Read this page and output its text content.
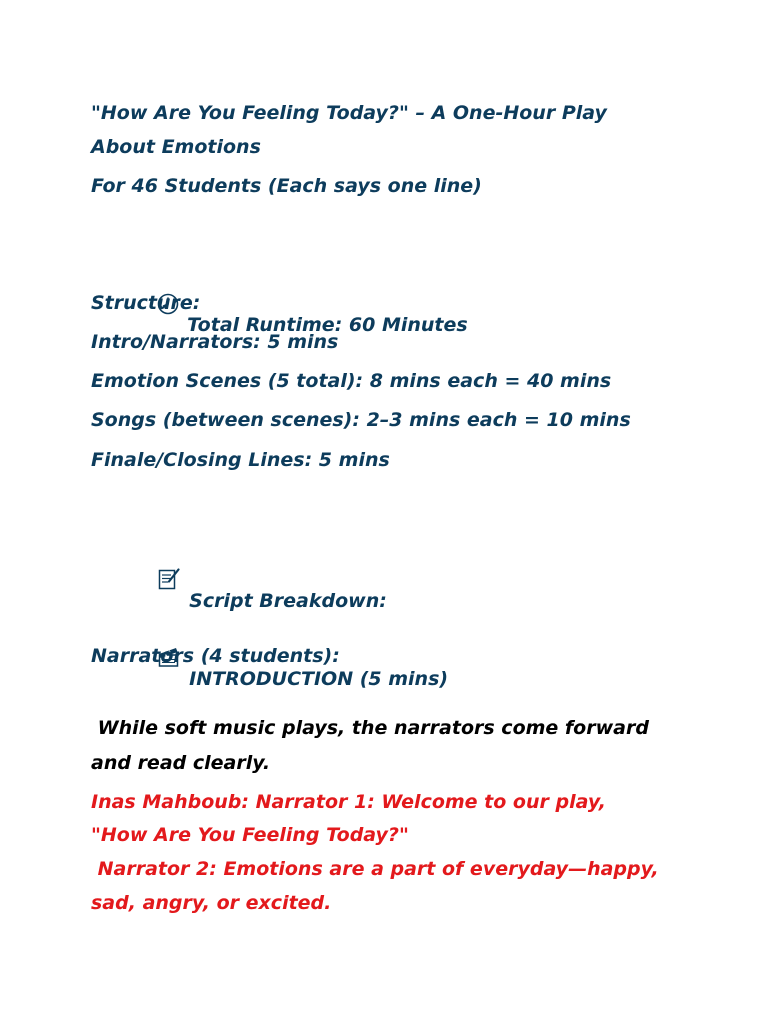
"How Are You Feeling Today?" – A One-Hour Play

About Emotions

For 46 Students (Each says one line)

Total Runtime: 60 Minutes

Structure:

Intro/Narrators: 5 mins

Emotion Scenes (5 total): 8 mins each = 40 mins

Songs (between scenes): 2–3 mins each = 10 mins

Finale/Closing Lines: 5 mins

Script Breakdown:

INTRODUCTION (5 mins)

Narrators (4 students):

While soft music plays, the narrators come forward

and read clearly.

Inas Mahboub: Narrator 1: Welcome to our play,

"How Are You Feeling Today?"

Narrator 2: Emotions are a part of everyday—happy,

sad, angry, or excited.
